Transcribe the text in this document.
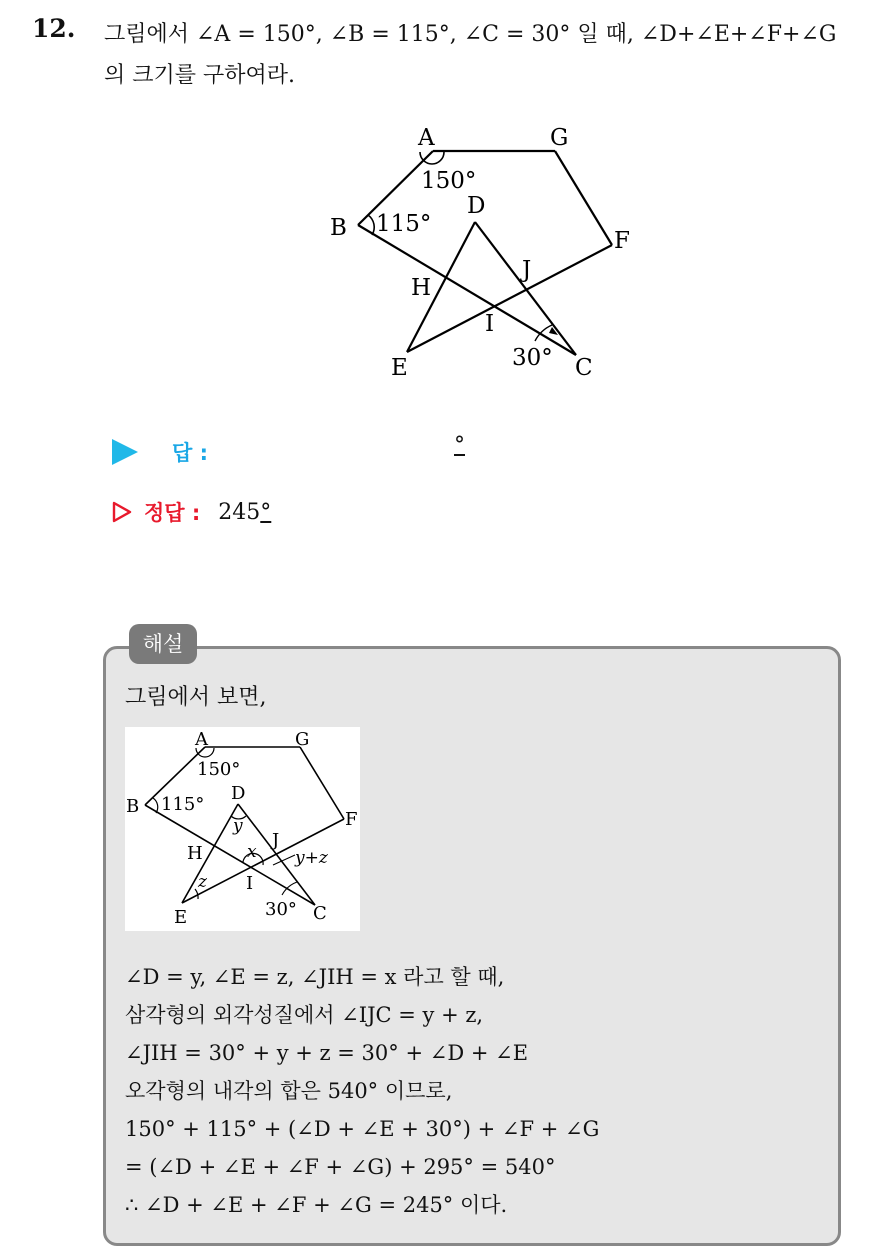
12. 그림에서 ∠A = 150°, ∠B = 115°, ∠C = 30° 일 때, ∠D+∠E+∠F+∠G
의 크기를 구하여라.
A	G
B	F
D
H
J
I
E	C
150°
115°
30°
답 :	°
정답 : 245°
해설
그림에서 보면,
A	G
B
F
D
H
J
I
E	C
150°
115°
30°
y
x
z
y+z
∠D = y, ∠E = z, ∠JIH = x 라고 할 때,
삼각형의 외각성질에서 ∠IJC = y + z,
∠JIH = 30° + y + z = 30° + ∠D + ∠E
오각형의 내각의 합은 540° 이므로,
150° + 115° + (∠D + ∠E + 30°) + ∠F + ∠G
= (∠D + ∠E + ∠F + ∠G) + 295° = 540°
∴ ∠D + ∠E + ∠F + ∠G = 245° 이다.
